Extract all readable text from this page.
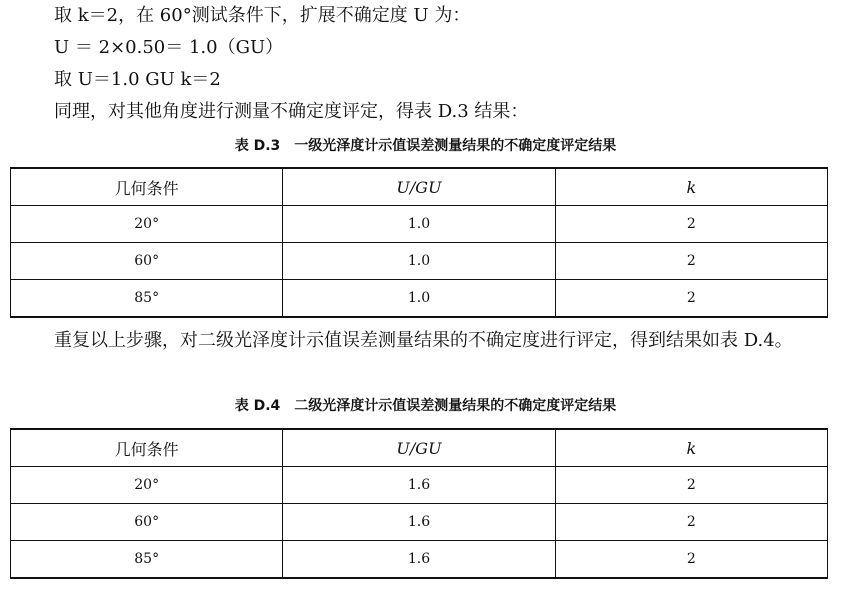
取 k＝2，在 60°测试条件下，扩展不确定度 U 为：
U ＝ 2×0.50＝ 1.0（GU）
取 U＝1.0 GU k＝2
同理，对其他角度进行测量不确定度评定，得表 D.3 结果：
表 D.3　一级光泽度计示值误差测量结果的不确定度评定结果
几何条件	U/GU	k
20°	1.0	2
60°	1.0	2
85°	1.0	2
重复以上步骤，对二级光泽度计示值误差测量结果的不确定度进行评定，得到结果如表 D.4。
表 D.4　二级光泽度计示值误差测量结果的不确定度评定结果
几何条件	U/GU	k
20°	1.6	2
60°	1.6	2
85°	1.6	2
